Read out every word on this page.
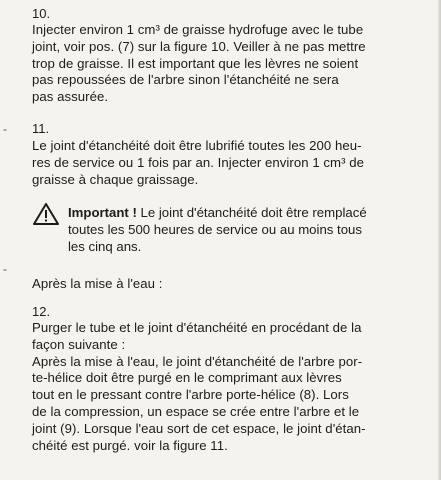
10.
Injecter environ 1 cm³ de graisse hydrofuge avec le tube
joint, voir pos. (7) sur la figure 10. Veiller à ne pas mettre
trop de graisse. Il est important que les lèvres ne soient
pas repoussées de l'arbre sinon l'étanchéité ne sera
pas assurée.
-
-
11.
Le joint d'étanchéité doit être lubrifié toutes les 200 heu-
res de service ou 1 fois par an. Injecter environ 1 cm³ de
graisse à chaque graissage.
Important ! Le joint d'étanchéité doit être remplacé
toutes les 500 heures de service ou au moins tous
les cinq ans.
Après la mise à l'eau :
12.
Purger le tube et le joint d'étanchéité en procédant de la
façon suivante :
Après la mise à l'eau, le joint d'étanchéité de l'arbre por-
te-hélice doit être purgé en le comprimant aux lèvres
tout en le pressant contre l'arbre porte-hélice (8). Lors
de la compression, un espace se crée entre l'arbre et le
joint (9). Lorsque l'eau sort de cet espace, le joint d'étan-
chéité est purgé. voir la figure 11.
